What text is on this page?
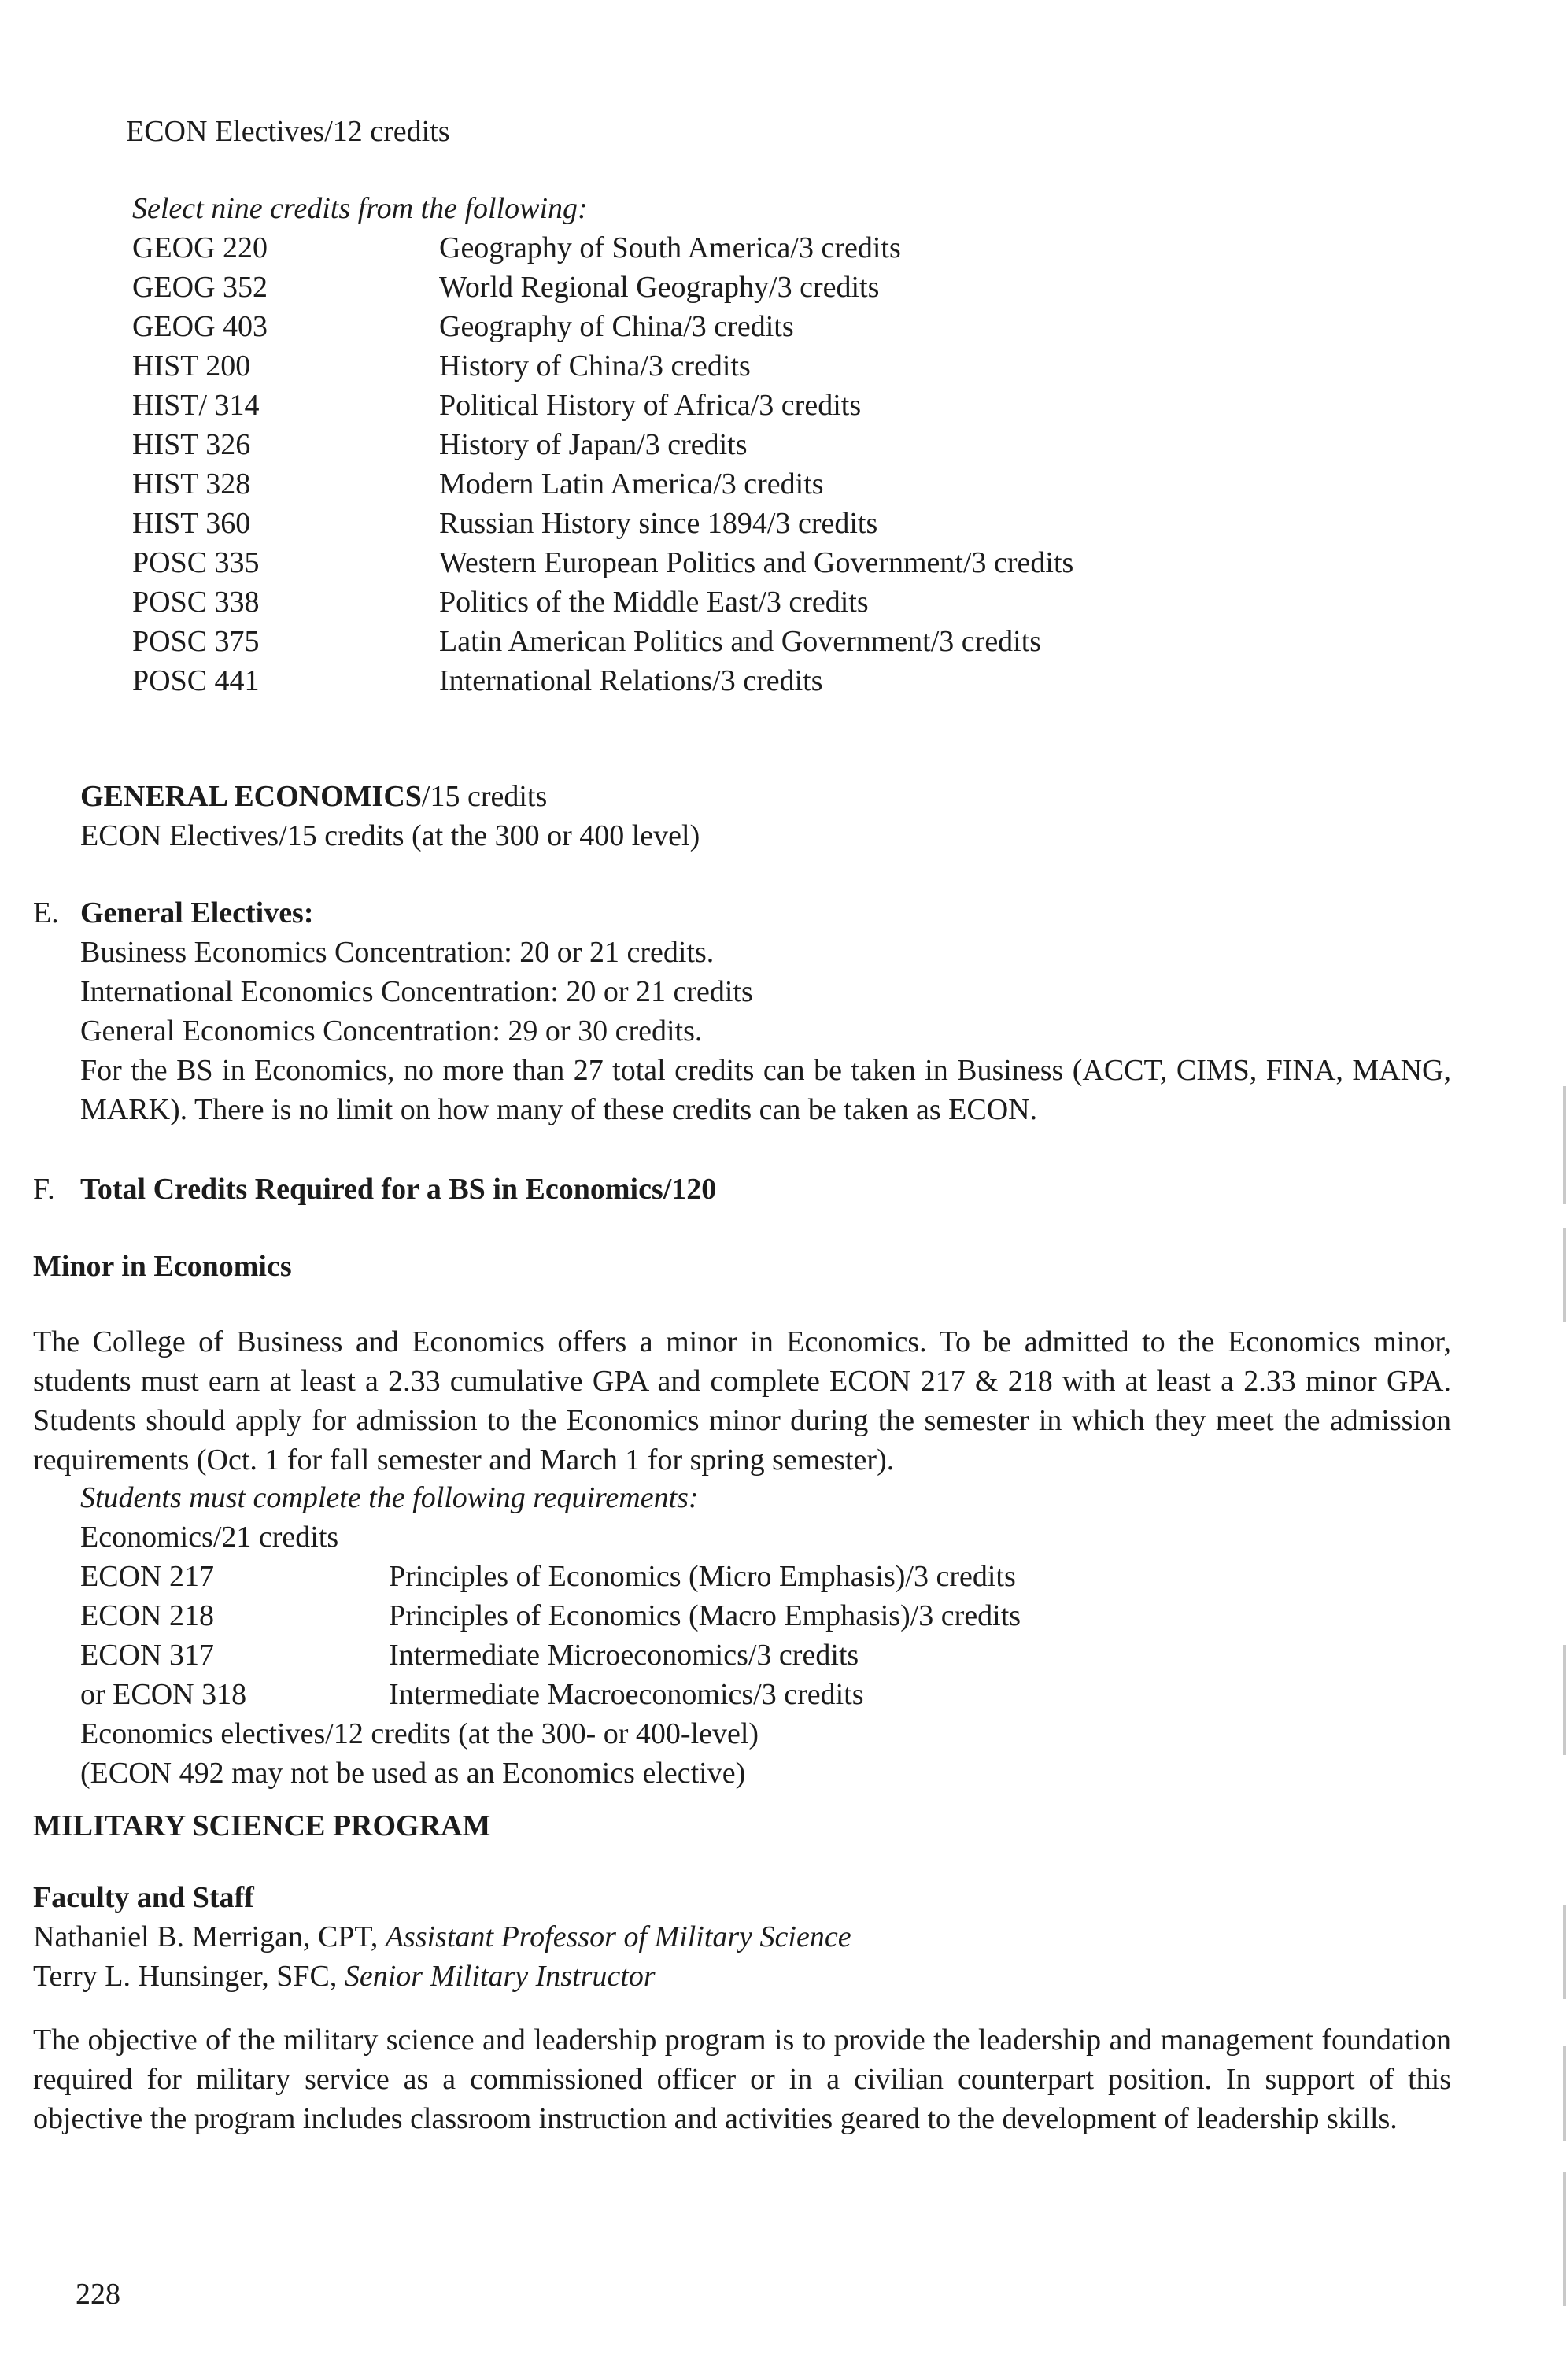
ECON Electives/12 credits
Select nine credits from the following:
GEOG 220	Geography of South America/3 credits
GEOG 352	World Regional Geography/3 credits
GEOG 403	Geography of China/3 credits
HIST 200	History of China/3 credits
HIST/ 314	Political History of Africa/3 credits
HIST 326	History of Japan/3 credits
HIST 328	Modern Latin America/3 credits
HIST 360	Russian History since 1894/3 credits
POSC 335	Western European Politics and Government/3 credits
POSC 338	Politics of the Middle East/3 credits
POSC 375	Latin American Politics and Government/3 credits
POSC 441	International Relations/3 credits
GENERAL ECONOMICS/15 credits
ECON Electives/15 credits (at the 300 or 400 level)
E. General Electives:
Business Economics Concentration: 20 or 21 credits.
International Economics Concentration: 20 or 21 credits
General Economics Concentration: 29 or 30 credits.
For the BS in Economics, no more than 27 total credits can be taken in Business (ACCT, CIMS, FINA, MANG, MARK). There is no limit on how many of these credits can be taken as ECON.
F. Total Credits Required for a BS in Economics/120
Minor in Economics
The College of Business and Economics offers a minor in Economics. To be admitted to the Economics minor, students must earn at least a 2.33 cumulative GPA and complete ECON 217 & 218 with at least a 2.33 minor GPA. Students should apply for admission to the Economics minor during the semester in which they meet the admission requirements (Oct. 1 for fall semester and March 1 for spring semester).
Students must complete the following requirements:
Economics/21 credits
ECON 217	Principles of Economics (Micro Emphasis)/3 credits
ECON 218	Principles of Economics (Macro Emphasis)/3 credits
ECON 317	Intermediate Microeconomics/3 credits
or ECON 318	Intermediate Macroeconomics/3 credits
Economics electives/12 credits (at the 300- or 400-level)
(ECON 492 may not be used as an Economics elective)
MILITARY SCIENCE PROGRAM
Faculty and Staff
Nathaniel B. Merrigan, CPT, Assistant Professor of Military Science
Terry L. Hunsinger, SFC, Senior Military Instructor
The objective of the military science and leadership program is to provide the leadership and management foundation required for military service as a commissioned officer or in a civilian counterpart position. In support of this objective the program includes classroom instruction and activities geared to the development of leadership skills.
228
